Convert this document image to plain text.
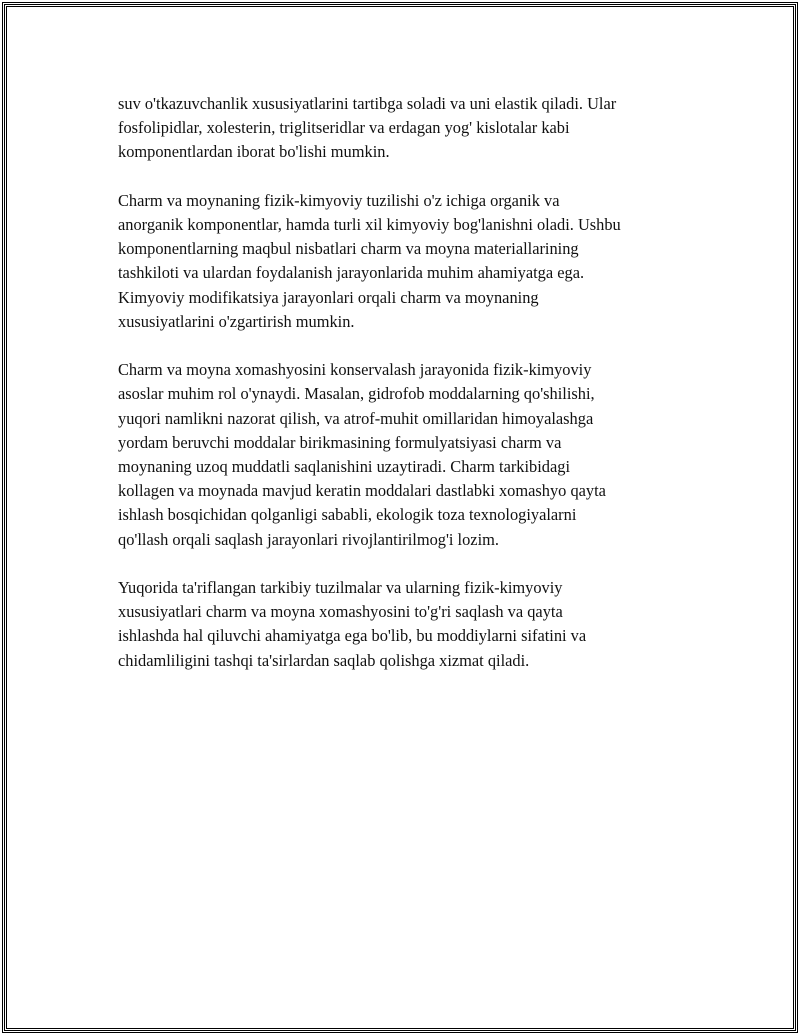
suv o'tkazuvchanlik xususiyatlarini tartibga soladi va uni elastik qiladi. Ular
fosfolipidlar, xolesterin, triglitseridlar va erdagan yog' kislotalar kabi
komponentlardan iborat bo'lishi mumkin.

Charm va moynaning fizik-kimyoviy tuzilishi o'z ichiga organik va
anorganik komponentlar, hamda turli xil kimyoviy bog'lanishni oladi. Ushbu
komponentlarning maqbul nisbatlari charm va moyna materiallarining
tashkiloti va ulardan foydalanish jarayonlarida muhim ahamiyatga ega.
Kimyoviy modifikatsiya jarayonlari orqali charm va moynaning
xususiyatlarini o'zgartirish mumkin.

Charm va moyna xomashyosini konservalash jarayonida fizik-kimyoviy
asoslar muhim rol o'ynaydi. Masalan, gidrofob moddalarning qo'shilishi,
yuqori namlikni nazorat qilish, va atrof-muhit omillaridan himoyalashga
yordam beruvchi moddalar birikmasining formulyatsiyasi charm va
moynaning uzoq muddatli saqlanishini uzaytiradi. Charm tarkibidagi
kollagen va moynada mavjud keratin moddalari dastlabki xomashyo qayta
ishlash bosqichidan qolganligi sababli, ekologik toza texnologiyalarni
qo'llash orqali saqlash jarayonlari rivojlantirilmog'i lozim.

Yuqorida ta'riflangan tarkibiy tuzilmalar va ularning fizik-kimyoviy
xususiyatlari charm va moyna xomashyosini to'g'ri saqlash va qayta
ishlashda hal qiluvchi ahamiyatga ega bo'lib, bu moddiylarni sifatini va
chidamliligini tashqi ta'sirlardan saqlab qolishga xizmat qiladi.
